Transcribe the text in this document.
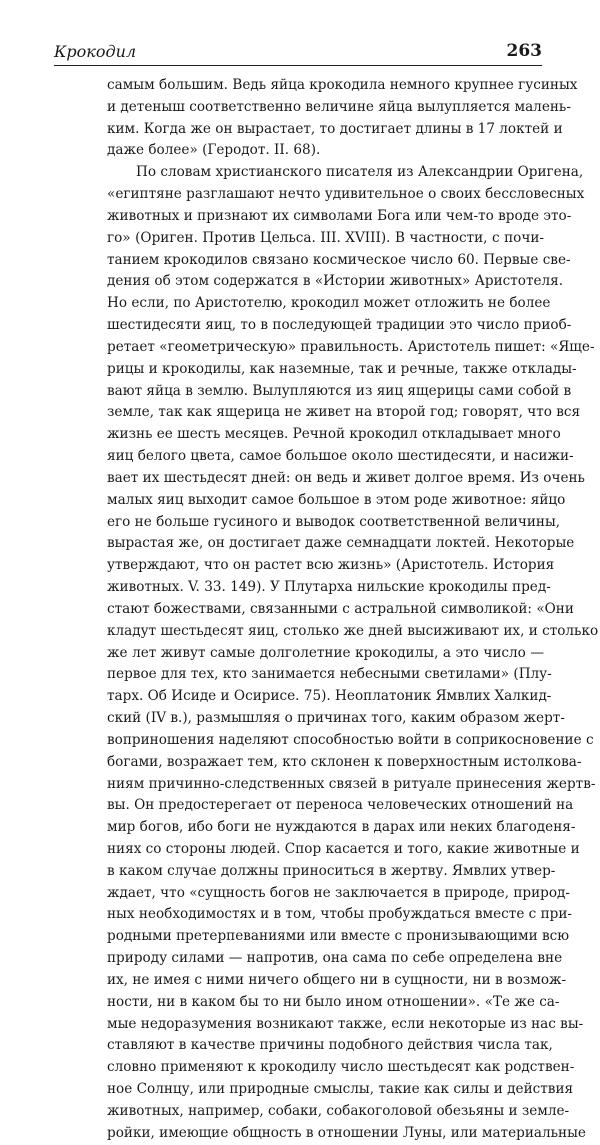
Крокодил	263
самым большим. Ведь яйца крокодила немного крупнее гусиных
и детеныш соответственно величине яйца вылупляется малень-
ким. Когда же он вырастает, то достигает длины в 17 локтей и
даже более» (Геродот. II. 68).
По словам христианского писателя из Александрии Оригена,
«египтяне разглашают нечто удивительное о своих бессловесных
животных и признают их символами Бога или чем-то вроде это-
го» (Ориген. Против Цельса. III. XVIII). В частности, с почи-
танием крокодилов связано космическое число 60. Первые све-
дения об этом содержатся в «Истории животных» Аристотеля.
Но если, по Аристотелю, крокодил может отложить не более
шестидесяти яиц, то в последующей традиции это число приоб-
ретает «геометрическую» правильность. Аристотель пишет: «Яще-
рицы и крокодилы, как наземные, так и речные, также отклады-
вают яйца в землю. Вылупляются из яиц ящерицы сами собой в
земле, так как ящерица не живет на второй год; говорят, что вся
жизнь ее шесть месяцев. Речной крокодил откладывает много
яиц белого цвета, самое большое около шестидесяти, и насижи-
вает их шестьдесят дней: он ведь и живет долгое время. Из очень
малых яиц выходит самое большое в этом роде животное: яйцо
его не больше гусиного и выводок соответственной величины,
вырастая же, он достигает даже семнадцати локтей. Некоторые
утверждают, что он растет всю жизнь» (Аристотель. История
животных. V. 33. 149). У Плутарха нильские крокодилы пред-
стают божествами, связанными с астральной символикой: «Они
кладут шестьдесят яиц, столько же дней высиживают их, и столько
же лет живут самые долголетние крокодилы, а это число —
первое для тех, кто занимается небесными светилами» (Плу-
тарх. Об Исиде и Осирисе. 75). Неоплатоник Ямвлих Халкид-
ский (IV в.), размышляя о причинах того, каким образом жерт-
воприношения наделяют способностью войти в соприкосновение с
богами, возражает тем, кто склонен к поверхностным истолкова-
ниям причинно-следственных связей в ритуале принесения жертв-
вы. Он предостерегает от переноса человеческих отношений на
мир богов, ибо боги не нуждаются в дарах или неких благоденя-
ниях со стороны людей. Спор касается и того, какие животные и
в каком случае должны приноситься в жертву. Ямвлих утвер-
ждает, что «сущность богов не заключается в природе, природ-
ных необходимостях и в том, чтобы пробуждаться вместе с при-
родными претерпеваниями или вместе с пронизывающими всю
природу силами — напротив, она сама по себе определена вне
их, не имея с ними ничего общего ни в сущности, ни в возмож-
ности, ни в каком бы то ни было ином отношении». «Те же са-
мые недоразумения возникают также, если некоторые из нас вы-
ставляют в качестве причины подобного действия числа так,
словно применяют к крокодилу число шестьдесят как родствен-
ное Солнцу, или природные смыслы, такие как силы и действия
животных, например, собаки, собакоголовой обезьяны и земле-
ройки, имеющие общность в отношении Луны, или материальные
